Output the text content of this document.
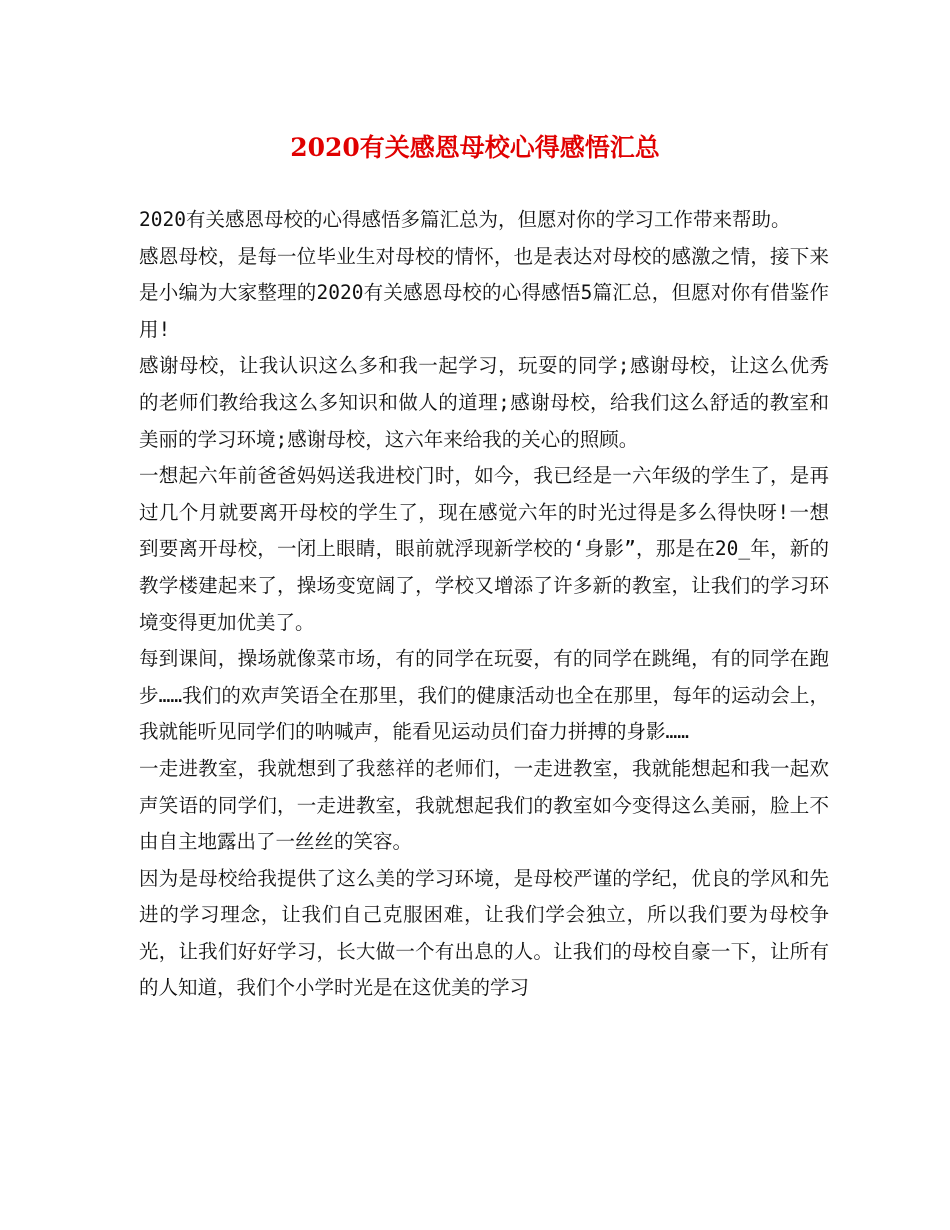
2020有关感恩母校心得感悟汇总

2020有关感恩母校的心得感悟多篇汇总为，但愿对你的学习工作带来帮助。

感恩母校，是每一位毕业生对母校的情怀，也是表达对母校的感激之情，接下来是小编为大家整理的2020有关感恩母校的心得感悟5篇汇总，但愿对你有借鉴作用!

感谢母校，让我认识这么多和我一起学习，玩耍的同学;感谢母校，让这么优秀的老师们教给我这么多知识和做人的道理;感谢母校，给我们这么舒适的教室和美丽的学习环境;感谢母校，这六年来给我的关心的照顾。

一想起六年前爸爸妈妈送我进校门时，如今，我已经是一六年级的学生了，是再过几个月就要离开母校的学生了，现在感觉六年的时光过得是多么得快呀!一想到要离开母校，一闭上眼睛，眼前就浮现新学校的‘身影”，那是在20_年，新的教学楼建起来了，操场变宽阔了，学校又增添了许多新的教室，让我们的学习环境变得更加优美了。

每到课间，操场就像菜市场，有的同学在玩耍，有的同学在跳绳，有的同学在跑步……我们的欢声笑语全在那里，我们的健康活动也全在那里，每年的运动会上，我就能听见同学们的呐喊声，能看见运动员们奋力拼搏的身影……

一走进教室，我就想到了我慈祥的老师们，一走进教室，我就能想起和我一起欢声笑语的同学们，一走进教室，我就想起我们的教室如今变得这么美丽，脸上不由自主地露出了一丝丝的笑容。

因为是母校给我提供了这么美的学习环境，是母校严谨的学纪，优良的学风和先进的学习理念，让我们自己克服困难，让我们学会独立，所以我们要为母校争光，让我们好好学习，长大做一个有出息的人。让我们的母校自豪一下，让所有的人知道，我们个小学时光是在这优美的学习
